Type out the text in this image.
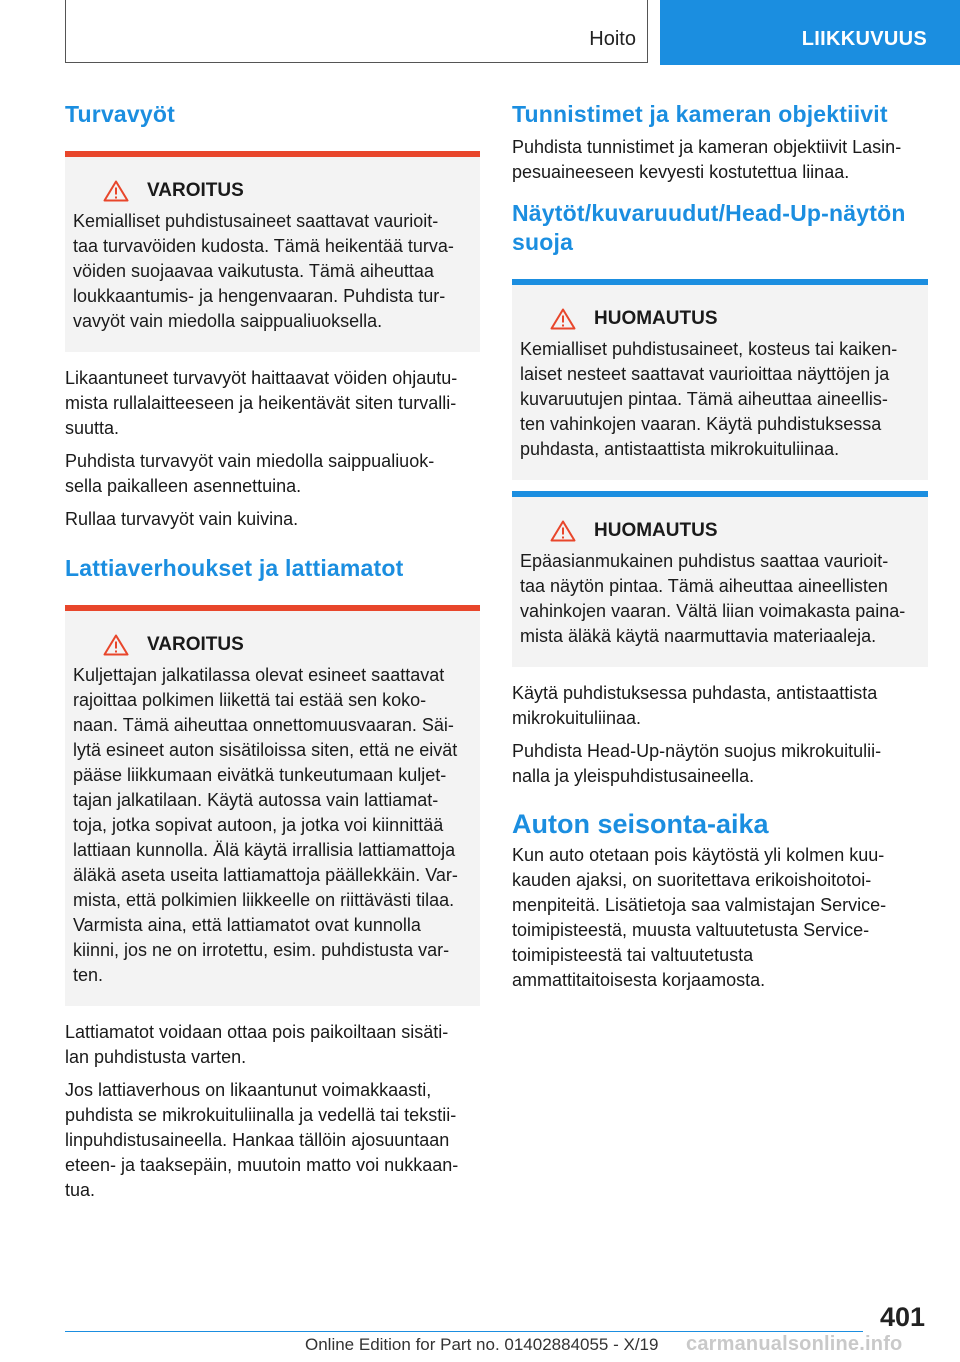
Hoito	LIIKKUVUUS
Turvavyöt
VAROITUS

Kemialliset puhdistusaineet saattavat vaurioit-
taa turvavöiden kudosta. Tämä heikentää turva-
vöiden suojaavaa vaikutusta. Tämä aiheuttaa
loukkaantumis- ja hengenvaaran. Puhdista tur-
vavyöt vain miedolla saippualiuoksella.

Likaantuneet turvavyöt haittaavat vöiden ohjautu-
mista rullalaitteeseen ja heikentävät siten turvalli-
suutta.

Puhdista turvavyöt vain miedolla saippualiuok-
sella paikalleen asennettuina.

Rullaa turvavyöt vain kuivina.

Lattiaverhoukset ja lattiamatot
VAROITUS

Kuljettajan jalkatilassa olevat esineet saattavat
rajoittaa polkimen liikettä tai estää sen koko-
naan. Tämä aiheuttaa onnettomuusvaaran. Säi-
lytä esineet auton sisätiloissa siten, että ne eivät
pääse liikkumaan eivätkä tunkeutumaan kuljet-
tajan jalkatilaan. Käytä autossa vain lattiamat-
toja, jotka sopivat autoon, ja jotka voi kiinnittää
lattiaan kunnolla. Älä käytä irrallisia lattiamattoja
äläkä aseta useita lattiamattoja päällekkäin. Var-
mista, että polkimien liikkeelle on riittävästi tilaa.
Varmista aina, että lattiamatot ovat kunnolla
kiinni, jos ne on irrotettu, esim. puhdistusta var-
ten.

Lattiamatot voidaan ottaa pois paikoiltaan sisäti-
lan puhdistusta varten.

Jos lattiaverhous on likaantunut voimakkaasti,
puhdista se mikrokuituliinalla ja vedellä tai tekstii-
linpuhdistusaineella. Hankaa tällöin ajosuuntaan
eteen- ja taaksepäin, muutoin matto voi nukkaan-
tua.

Tunnistimet ja kameran objektiivit

Puhdista tunnistimet ja kameran objektiivit Lasin-
pesuaineeseen kevyesti kostutettua liinaa.

Näytöt/kuvaruudut/Head-Up-näytön
suoja
HUOMAUTUS

Kemialliset puhdistusaineet, kosteus tai kaiken-
laiset nesteet saattavat vaurioittaa näyttöjen ja
kuvaruutujen pintaa. Tämä aiheuttaa aineellis-
ten vahinkojen vaaran. Käytä puhdistuksessa
puhdasta, antistaattista mikrokuituliinaa.

HUOMAUTUS

Epäasianmukainen puhdistus saattaa vaurioit-
taa näytön pintaa. Tämä aiheuttaa aineellisten
vahinkojen vaaran. Vältä liian voimakasta paina-
mista äläkä käytä naarmuttavia materiaaleja.

Käytä puhdistuksessa puhdasta, antistaattista
mikrokuituliinaa.

Puhdista Head-Up-näytön suojus mikrokuitulii-
nalla ja yleispuhdistusaineella.

Auton seisonta-aika

Kun auto otetaan pois käytöstä yli kolmen kuu-
kauden ajaksi, on suoritettava erikoishoitotoi-
menpiteitä. Lisätietoja saa valmistajan Service-
toimipisteestä, muusta valtuutetusta Service-
toimipisteestä tai valtuutetusta
ammattitaitoisesta korjaamosta.

401
Online Edition for Part no. 01402884055 - X/19 carmanualsonline.info
